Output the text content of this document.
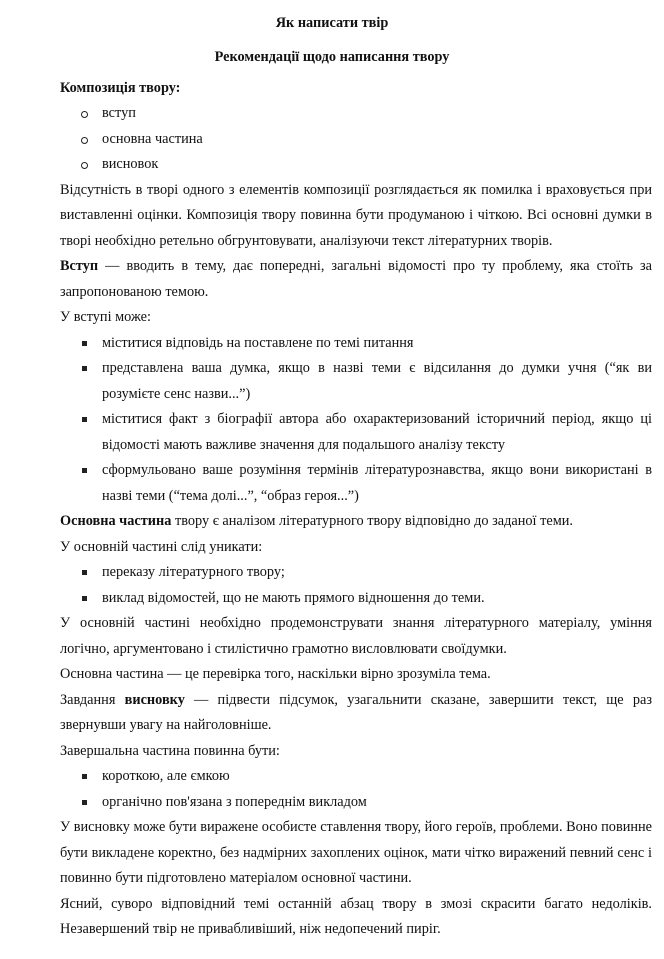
Як написати твір
Рекомендації щодо написання твору
Композиція твору:
вступ
основна частина
висновок

Відсутність в творі одного з елементів композиції розглядається як помилка і враховується при виставленні оцінки. Композиція твору повинна бути продуманою і чіткою. Всі основні думки в творі необхідно ретельно обгрунтовувати, аналізуючи текст літературних творів.

Вступ — вводить в тему, дає попередні, загальні відомості про ту проблему, яка стоїть за запропонованою темою.

У вступі може:

міститися відповідь на поставлене по темі питання
представлена ваша думка, якщо в назві теми є відсилання до думки учня (“як ви розумієте сенс назви...”)
міститися факт з біографії автора або охарактеризований історичний період, якщо ці відомості мають важливе значення для подальшого аналізу тексту
сформульовано ваше розуміння термінів літературознавства, якщо вони використані в назві теми (“тема долі...”, “образ героя...”)

Основна частина твору є аналізом літературного твору відповідно до заданої теми.

У основній частині слід уникати:

переказу літературного твору;
виклад відомостей, що не мають прямого відношення до теми.

У основній частині необхідно продемонструвати знання літературного матеріалу, уміння логічно, аргументовано і стилістично грамотно висловлювати своїдумки.

Основна частина — це перевірка того, наскільки вірно зрозуміла тема.

Завдання висновку — підвести підсумок, узагальнити сказане, завершити текст, ще раз звернувши увагу на найголовніше.

Завершальна частина повинна бути:

короткою, але ємкою
органічно пов'язана з попереднім викладом

У висновку може бути виражене особисте ставлення твору, його героїв, проблеми. Воно повинне бути викладене коректно, без надмірних захоплених оцінок, мати чітко виражений певний сенс і повинно бути підготовлено матеріалом основної частини.

Ясний, суворо відповідний темі останній абзац твору в змозі скрасити багато недоліків. Незавершений твір не привабливіший, ніж недопечений пиріг.
